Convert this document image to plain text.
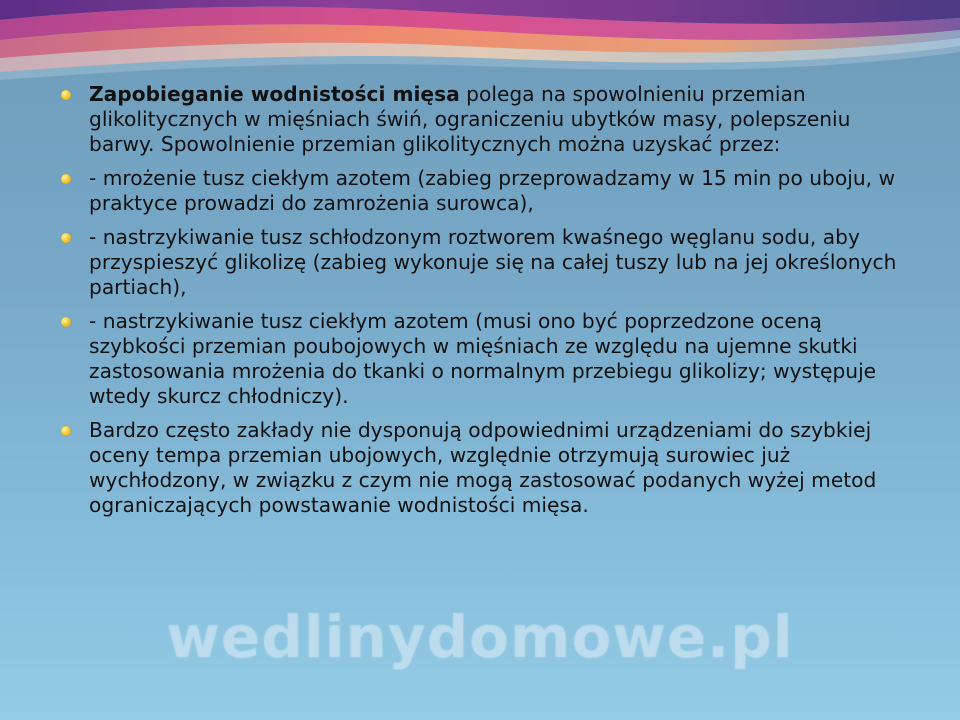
Zapobieganie wodnistości mięsa polega na spowolnieniu przemian glikolitycznych w mięśniach świń, ograniczeniu ubytków masy, polepszeniu barwy. Spowolnienie przemian glikolitycznych można uzyskać przez:
- mrożenie tusz ciekłym azotem (zabieg przeprowadzamy w 15 min po uboju, w praktyce prowadzi do zamrożenia surowca),
- nastrzykiwanie tusz schłodzonym roztworem kwaśnego węglanu sodu, aby przyspieszyć glikolizę (zabieg wykonuje się na całej tuszy lub na jej określonych partiach),
- nastrzykiwanie tusz ciekłym azotem (musi ono być poprzedzone oceną szybkości przemian poubojowych w mięśniach ze względu na ujemne skutki zastosowania mrożenia do tkanki o normalnym przebiegu glikolizy; występuje wtedy skurcz chłodniczy).
Bardzo często zakłady nie dysponują odpowiednimi urządzeniami do szybkiej oceny tempa przemian ubojowych, względnie otrzymują surowiec już wychłodzony, w związku z czym nie mogą zastosować podanych wyżej metod ograniczających powstawanie wodnistości mięsa.
wedlinydomowe.pl
